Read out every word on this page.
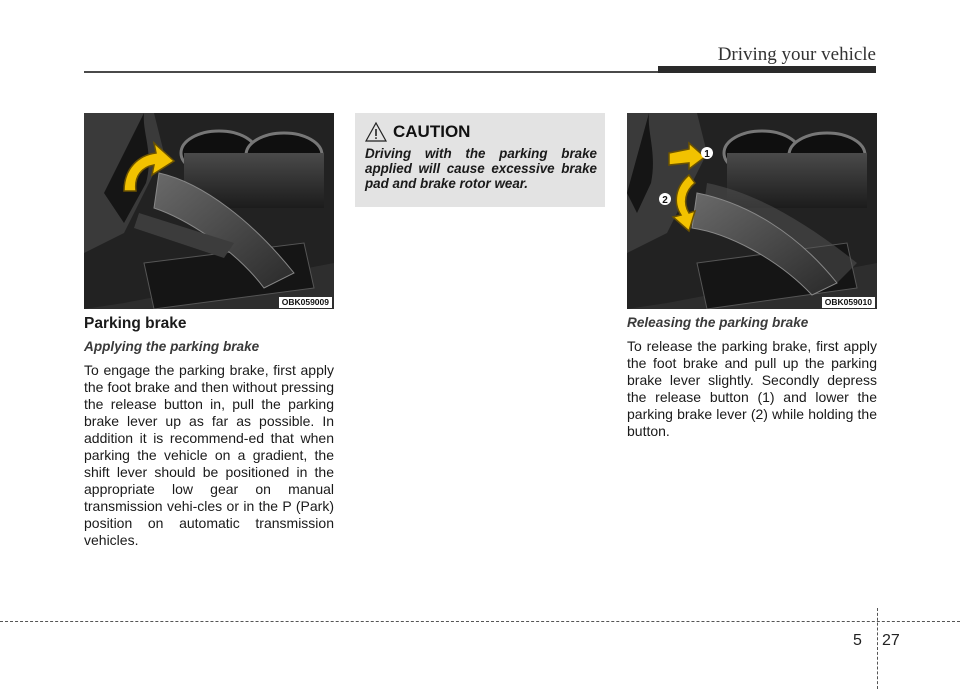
Driving your vehicle
OBK059009
CAUTION
Driving with the parking brake applied will cause excessive brake pad and brake rotor wear.
1
2
OBK059010
Parking brake
Applying the parking brake

To engage the parking brake, first apply the foot brake and then without pressing the release button in, pull the parking brake lever up as far as possible. In addition it is recommend-ed that when parking the vehicle on a gradient, the shift lever should be positioned in the appropriate low gear on manual transmission vehi-cles or in the P (Park) position on automatic transmission vehicles.

Releasing the parking brake

To release the parking brake, first apply the foot brake and pull up the parking brake lever slightly. Secondly depress the release button (1) and lower the parking brake lever (2) while holding the button.

5 27
